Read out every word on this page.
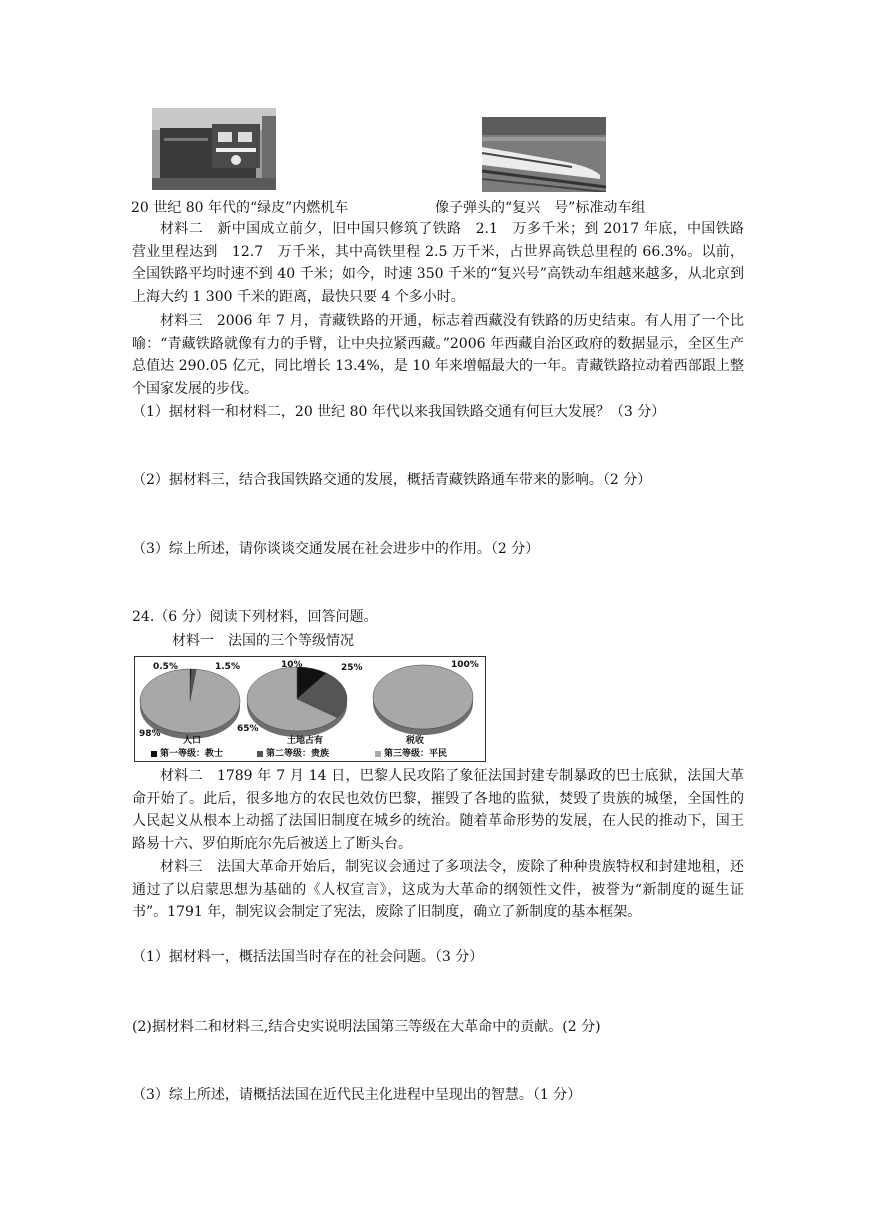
20 世纪 80 年代的“绿皮”内燃机车	像子弹头的“复兴　号”标准动车组
材料二　新中国成立前夕，旧中国只修筑了铁路　2.1　万多千米；到 2017 年底，中国铁路营业里程达到　12.7　万千米，其中高铁里程 2.5 万千米，占世界高铁总里程的 66.3%。以前，全国铁路平均时速不到 40 千米；如今，时速 350 千米的“复兴号”高铁动车组越来越多，从北京到上海大约 1 300 千米的距离，最快只要 4 个多小时。
材料三　2006 年 7 月，青藏铁路的开通，标志着西藏没有铁路的历史结束。有人用了一个比喻：“青藏铁路就像有力的手臂，让中央拉紧西藏。”2006 年西藏自治区政府的数据显示，全区生产总值达 290.05 亿元，同比增长 13.4%，是 10 年来增幅最大的一年。青藏铁路拉动着西部跟上整个国家发展的步伐。
（1）据材料一和材料二，20 世纪 80 年代以来我国铁路交通有何巨大发展？（3 分）
（2）据材料三，结合我国铁路交通的发展，概括青藏铁路通车带来的影响。（2 分）
（3）综上所述，请你谈谈交通发展在社会进步中的作用。（2 分）
24.（6 分）阅读下列材料，回答问题。
材料一　法国的三个等级情况
0.5%	1.5%
98%
人口
10%	25%
65%
土地占有
100%
税收
第一等级：教士	第二等级：贵族	第三等级：平民
材料二　1789 年 7 月 14 日，巴黎人民攻陷了象征法国封建专制暴政的巴士底狱，法国大革命开始了。此后，很多地方的农民也效仿巴黎，摧毁了各地的监狱，焚毁了贵族的城堡，全国性的人民起义从根本上动摇了法国旧制度在城乡的统治。随着革命形势的发展，在人民的推动下，国王路易十六、罗伯斯庇尔先后被送上了断头台。
材料三　法国大革命开始后，制宪议会通过了多项法令，废除了种种贵族特权和封建地租，还通过了以启蒙思想为基础的《人权宣言》，这成为大革命的纲领性文件，被誉为“新制度的诞生证书”。1791 年，制宪议会制定了宪法，废除了旧制度，确立了新制度的基本框架。
（1）据材料一，概括法国当时存在的社会问题。（3 分）
(2)据材料二和材料三,结合史实说明法国第三等级在大革命中的贡献。(2 分)
（3）综上所述，请概括法国在近代民主化进程中呈现出的智慧。（1 分）
